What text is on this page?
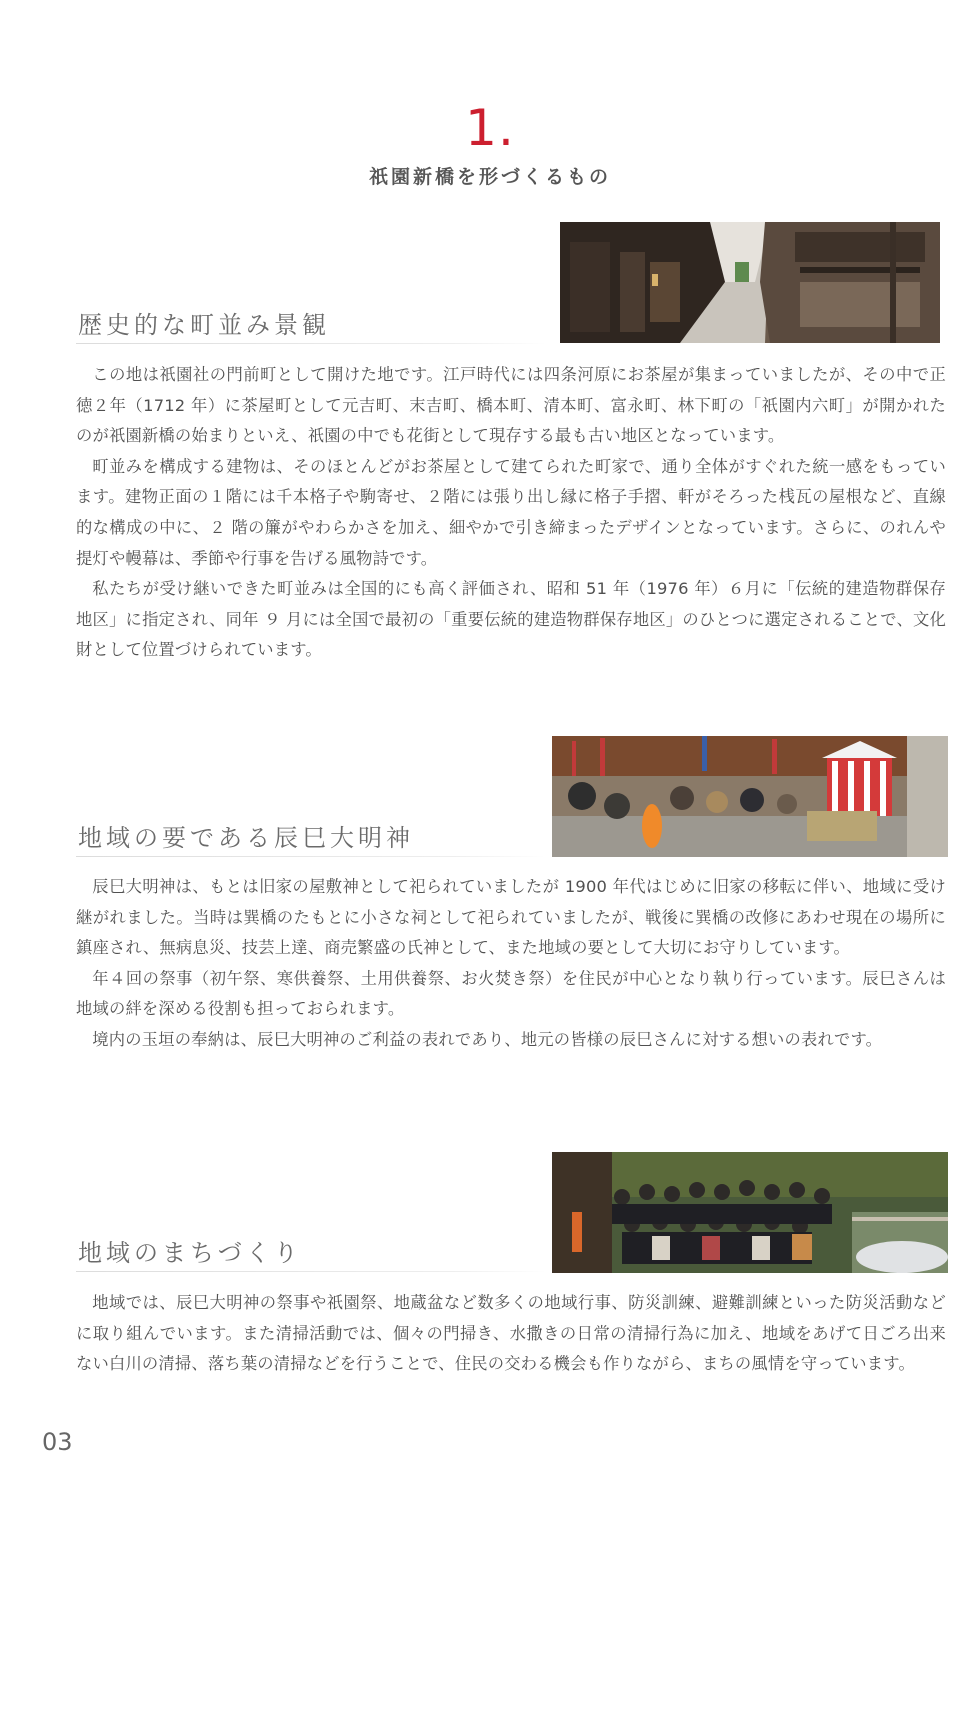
1.
祇園新橋を形づくるもの
歴史的な町並み景観

この地は祇園社の門前町として開けた地です。江戸時代には四条河原にお茶屋が集まっていましたが、その中で正徳２年（1712 年）に茶屋町として元吉町、末吉町、橋本町、清本町、富永町、林下町の「祇園内六町」が開かれたのが祇園新橋の始まりといえ、祇園の中でも花街として現存する最も古い地区となっています。

町並みを構成する建物は、そのほとんどがお茶屋として建てられた町家で、通り全体がすぐれた統一感をもっています。建物正面の１階には千本格子や駒寄せ、２階には張り出し縁に格子手摺、軒がそろった桟瓦の屋根など、直線的な構成の中に、２ 階の簾がやわらかさを加え、細やかで引き締まったデザインとなっています。さらに、のれんや提灯や幔幕は、季節や行事を告げる風物詩です。

私たちが受け継いできた町並みは全国的にも高く評価され、昭和 51 年（1976 年）６月に「伝統的建造物群保存地区」に指定され、同年 ９ 月には全国で最初の「重要伝統的建造物群保存地区」のひとつに選定されることで、文化財として位置づけられています。

地域の要である辰巳大明神

辰巳大明神は、もとは旧家の屋敷神として祀られていましたが 1900 年代はじめに旧家の移転に伴い、地域に受け継がれました。当時は巽橋のたもとに小さな祠として祀られていましたが、戦後に巽橋の改修にあわせ現在の場所に鎮座され、無病息災、技芸上達、商売繁盛の氏神として、また地域の要として大切にお守りしています。

年４回の祭事（初午祭、寒供養祭、土用供養祭、お火焚き祭）を住民が中心となり執り行っています。辰巳さんは地域の絆を深める役割も担っておられます。

境内の玉垣の奉納は、辰巳大明神のご利益の表れであり、地元の皆様の辰巳さんに対する想いの表れです。

地域のまちづくり

地域では、辰巳大明神の祭事や祇園祭、地蔵盆など数多くの地域行事、防災訓練、避難訓練といった防災活動などに取り組んでいます。また清掃活動では、個々の門掃き、水撒きの日常の清掃行為に加え、地域をあげて日ごろ出来ない白川の清掃、落ち葉の清掃などを行うことで、住民の交わる機会も作りながら、まちの風情を守っています。

03
